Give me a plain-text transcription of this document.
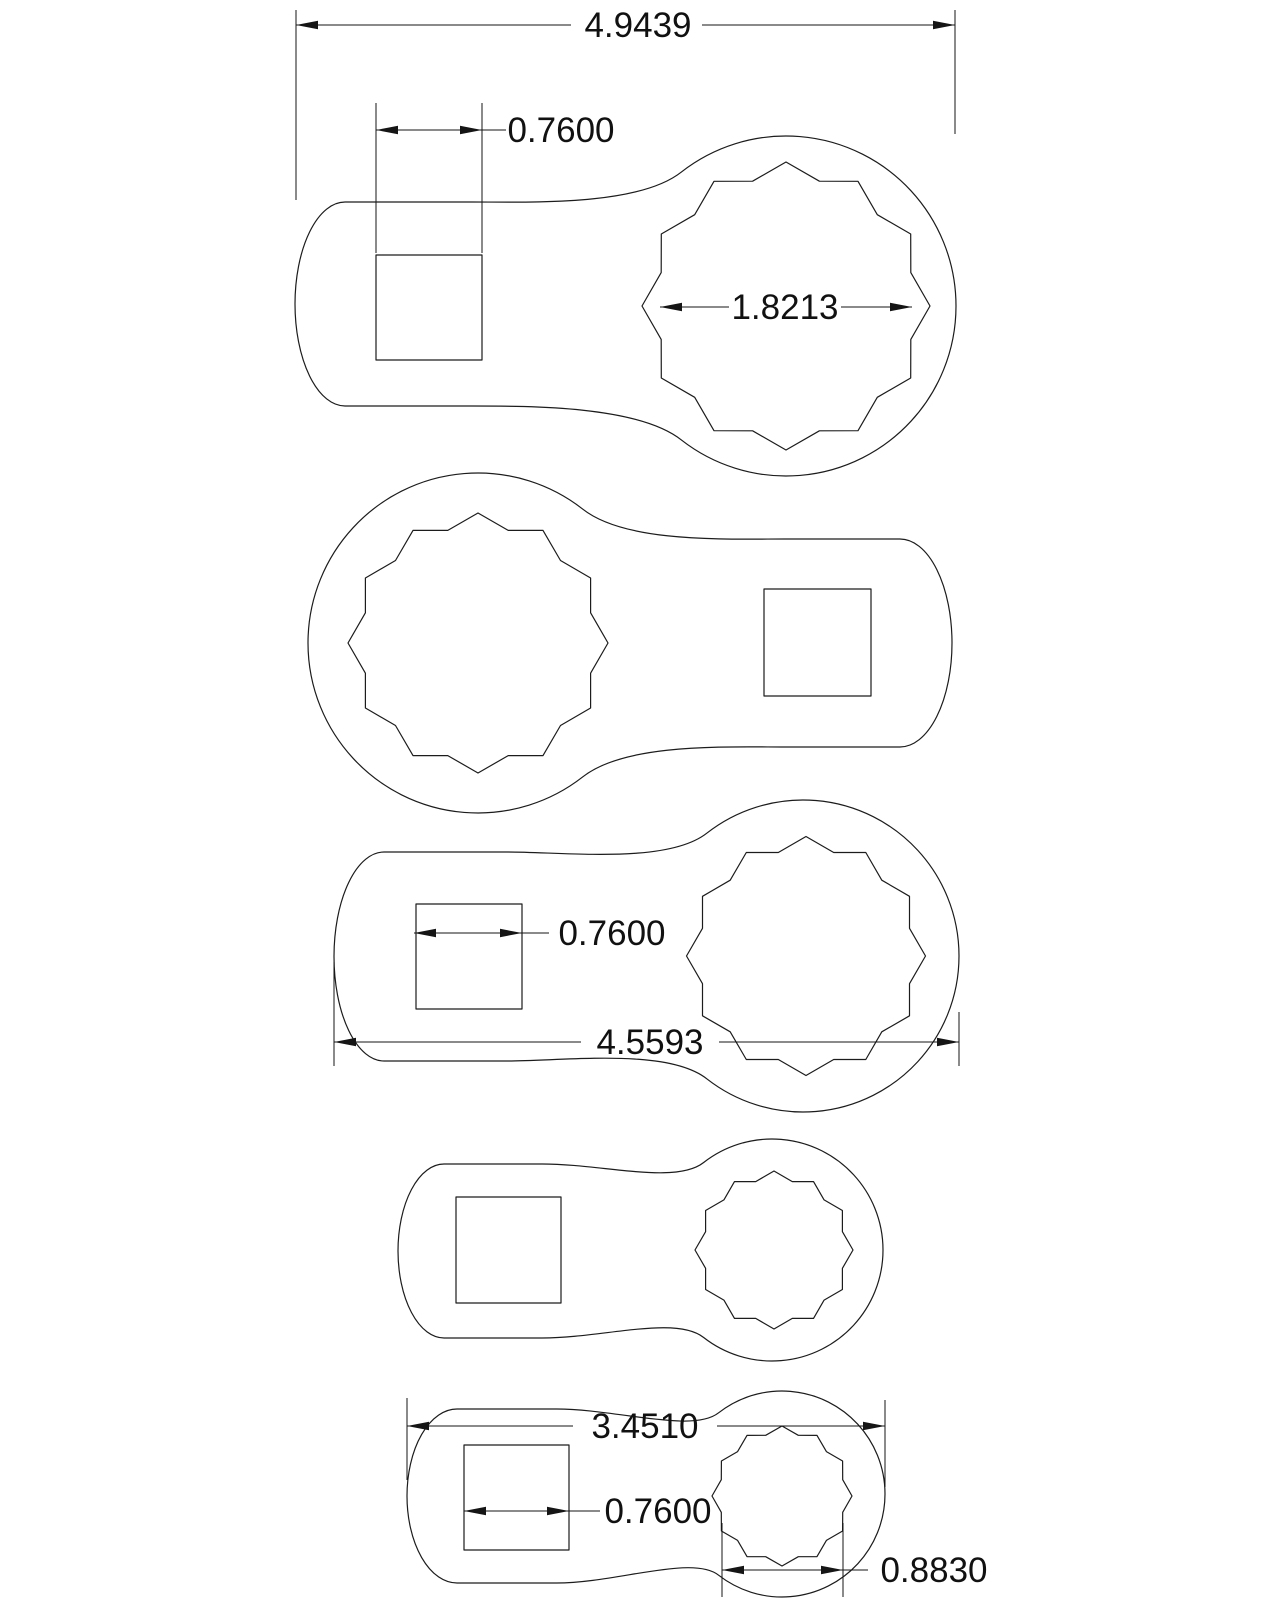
4.9439
0.7600
1.8213
0.7600
4.5593
3.4510
0.7600
0.8830
